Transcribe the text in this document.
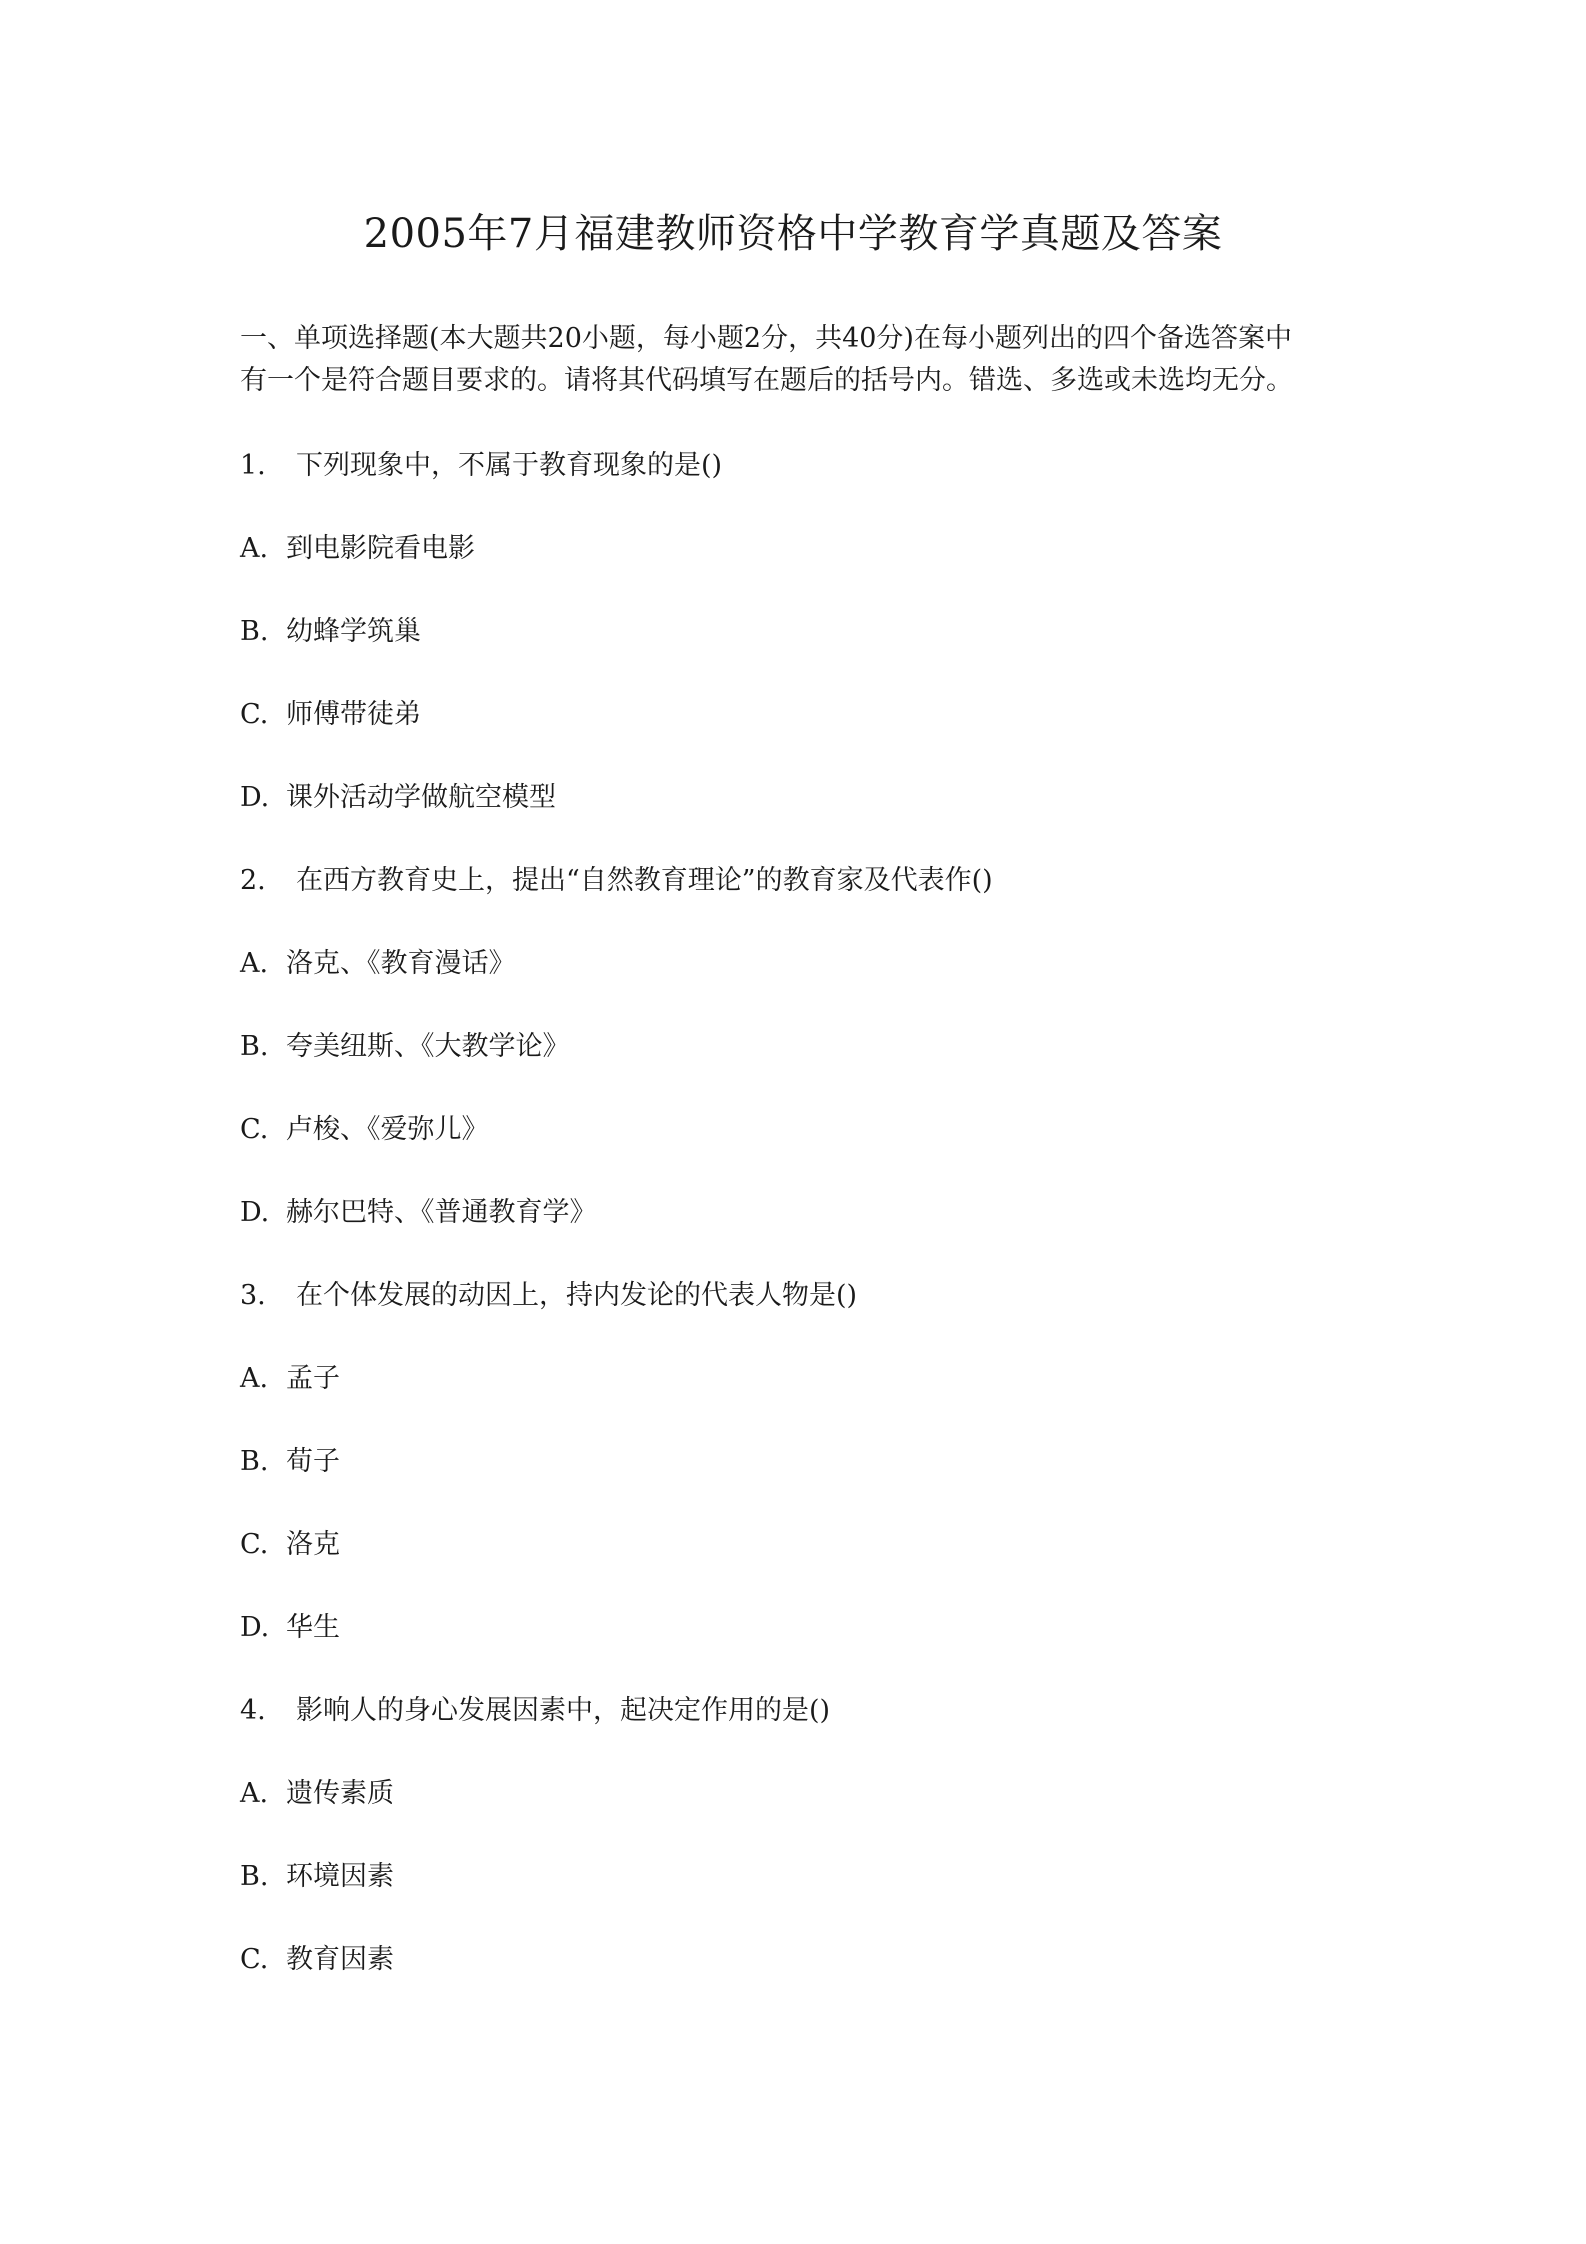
2005年7月福建教师资格中学教育学真题及答案

一、单项选择题(本大题共20小题，每小题2分，共40分)在每小题列出的四个备选答案中
有一个是符合题目要求的。请将其代码填写在题后的括号内。错选、多选或未选均无分。

1. 下列现象中，不属于教育现象的是()

A. 到电影院看电影

B. 幼蜂学筑巢

C. 师傅带徒弟

D. 课外活动学做航空模型

2. 在西方教育史上，提出“自然教育理论”的教育家及代表作()

A. 洛克、《教育漫话》

B. 夸美纽斯、《大教学论》

C. 卢梭、《爱弥儿》

D. 赫尔巴特、《普通教育学》

3. 在个体发展的动因上，持内发论的代表人物是()

A. 孟子

B. 荀子

C. 洛克

D. 华生

4. 影响人的身心发展因素中，起决定作用的是()

A. 遗传素质

B. 环境因素

C. 教育因素
